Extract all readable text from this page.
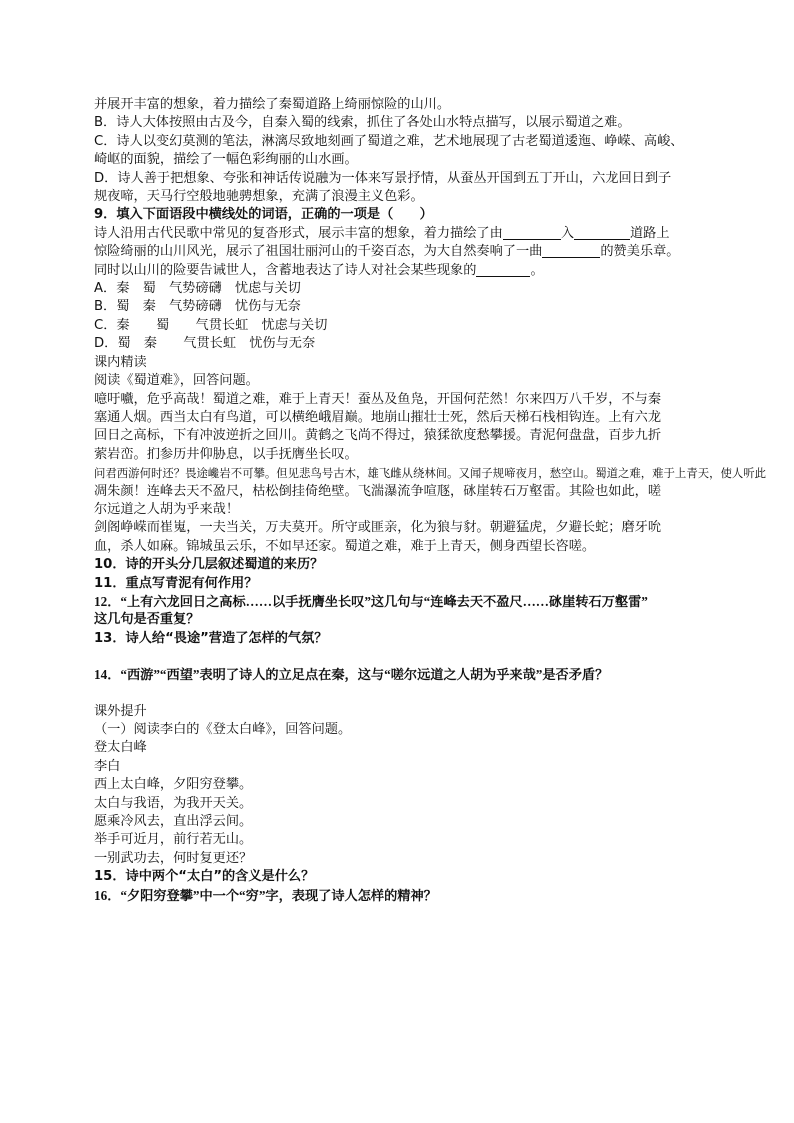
并展开丰富的想象，着力描绘了秦蜀道路上绮丽惊险的山川。
B．诗人大体按照由古及今，自秦入蜀的线索，抓住了各处山水特点描写，以展示蜀道之难。
C．诗人以变幻莫测的笔法，淋漓尽致地刻画了蜀道之难，艺术地展现了古老蜀道逶迤、峥嵘、高峻、
崎岖的面貌，描绘了一幅色彩绚丽的山水画。
D．诗人善于把想象、夸张和神话传说融为一体来写景抒情，从蚕丛开国到五丁开山，六龙回日到子
规夜啼，天马行空般地驰骋想象，充满了浪漫主义色彩。
9．填入下面语段中横线处的词语，正确的一项是（　　）
诗人沿用古代民歌中常见的复沓形式，展示丰富的想象，着力描绘了由	入	道路上
惊险绮丽的山川风光，展示了祖国壮丽河山的千姿百态，为大自然奏响了一曲	的赞美乐章。
同时以山川的险要告诫世人，含蓄地表达了诗人对社会某些现象的	。
A．秦　蜀　气势磅礴　忧虑与关切
B．蜀　秦　气势磅礴　忧伤与无奈
C．秦　　蜀　　气贯长虹　忧虑与关切
D．蜀　秦　　气贯长虹　忧伤与无奈
课内精读
阅读《蜀道难》，回答问题。
噫吁嚱，危乎高哉！蜀道之难，难于上青天！蚕丛及鱼凫，开国何茫然！尔来四万八千岁，不与秦
塞通人烟。西当太白有鸟道，可以横绝峨眉巅。地崩山摧壮士死，然后天梯石栈相钩连。上有六龙
回日之高标，下有冲波逆折之回川。黄鹤之飞尚不得过，猿猱欲度愁攀援。青泥何盘盘，百步九折
萦岩峦。扪参历井仰胁息，以手抚膺坐长叹。
问君西游何时还？畏途巉岩不可攀。但见悲鸟号古木，雄飞雌从绕林间。又闻子规啼夜月，愁空山。蜀道之难，难于上青天，使人听此
凋朱颜！连峰去天不盈尺，枯松倒挂倚绝壁。飞湍瀑流争喧豗，砯崖转石万壑雷。其险也如此，嗟
尔远道之人胡为乎来哉！
剑阁峥嵘而崔嵬，一夫当关，万夫莫开。所守或匪亲，化为狼与豺。朝避猛虎，夕避长蛇；磨牙吮
血，杀人如麻。锦城虽云乐，不如早还家。蜀道之难，难于上青天，侧身西望长咨嗟。
10．诗的开头分几层叙述蜀道的来历？
11．重点写青泥有何作用？
12．“上有六龙回日之高标……以手抚膺坐长叹”这几句与“连峰去天不盈尺……砯崖转石万壑雷”
这几句是否重复？
13．诗人给“畏途”营造了怎样的气氛？
14．“西游”“西望”表明了诗人的立足点在秦，这与“嗟尔远道之人胡为乎来哉”是否矛盾？
课外提升
（一）阅读李白的《登太白峰》，回答问题。
登太白峰
李白
西上太白峰，夕阳穷登攀。
太白与我语，为我开天关。
愿乘冷风去，直出浮云间。
举手可近月，前行若无山。
一别武功去，何时复更还？
15．诗中两个“太白”的含义是什么？
16．“夕阳穷登攀”中一个“穷”字，表现了诗人怎样的精神？
